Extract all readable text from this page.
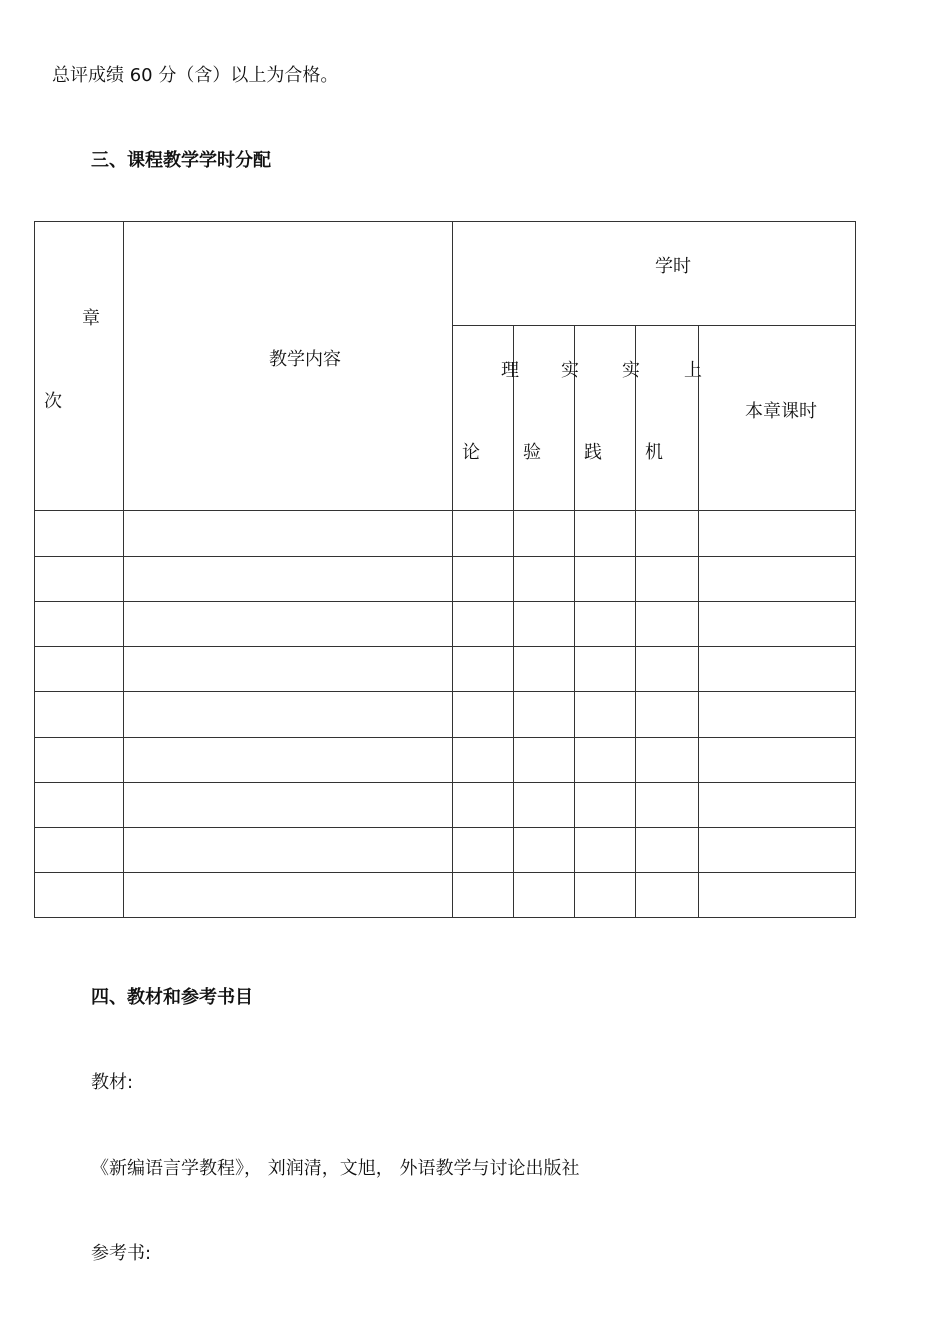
总评成绩 60 分（含）以上为合格。
三、课程教学学时分配
章
次
教学内容
学时
理 实 实 上
论 验 践 机
本章课时
四、教材和参考书目
教材:
《新编语言学教程》， 刘润清，文旭， 外语教学与讨论出版社
参考书:
